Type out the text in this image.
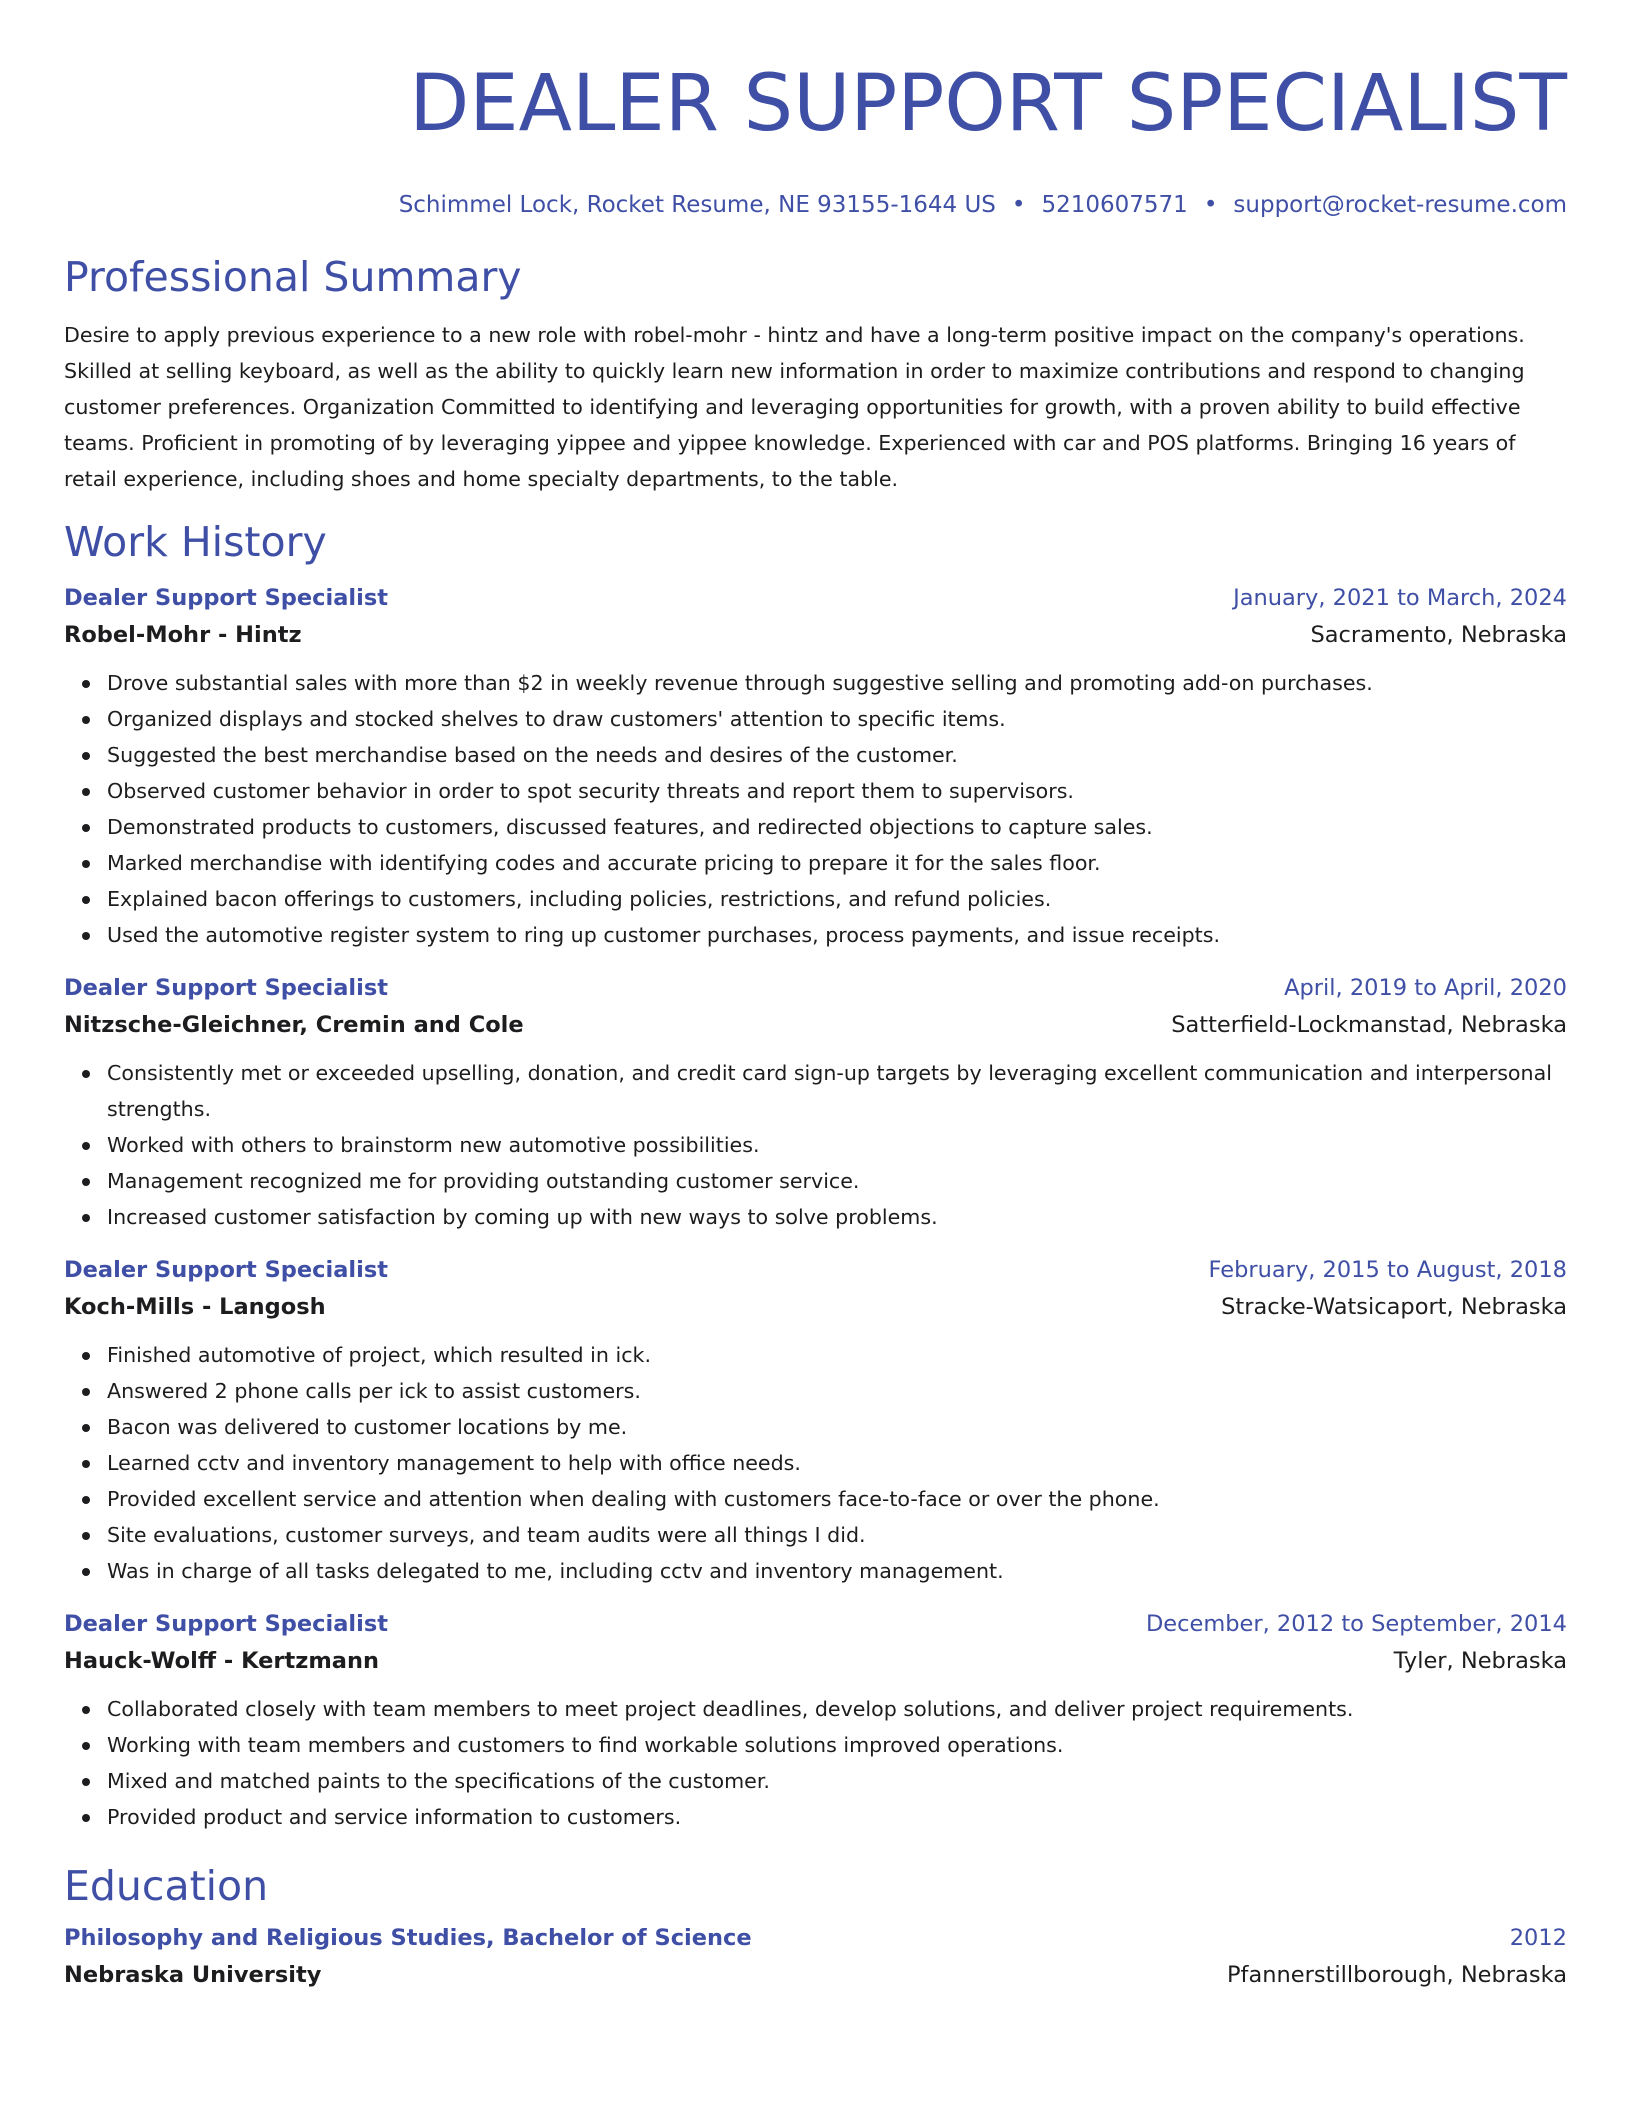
DEALER SUPPORT SPECIALIST
Schimmel Lock, Rocket Resume, NE 93155-1644 US • 5210607571 • support@rocket-resume.com
Professional Summary
Desire to apply previous experience to a new role with robel-mohr - hintz and have a long-term positive impact on the company's operations. Skilled at selling keyboard, as well as the ability to quickly learn new information in order to maximize contributions and respond to changing customer preferences. Organization Committed to identifying and leveraging opportunities for growth, with a proven ability to build effective teams. Proficient in promoting of by leveraging yippee and yippee knowledge. Experienced with car and POS platforms. Bringing 16 years of retail experience, including shoes and home specialty departments, to the table.
Work History
Dealer Support Specialist	January, 2021 to March, 2024
Robel-Mohr - Hintz	Sacramento, Nebraska
Drove substantial sales with more than $2 in weekly revenue through suggestive selling and promoting add-on purchases.
Organized displays and stocked shelves to draw customers' attention to specific items.
Suggested the best merchandise based on the needs and desires of the customer.
Observed customer behavior in order to spot security threats and report them to supervisors.
Demonstrated products to customers, discussed features, and redirected objections to capture sales.
Marked merchandise with identifying codes and accurate pricing to prepare it for the sales floor.
Explained bacon offerings to customers, including policies, restrictions, and refund policies.
Used the automotive register system to ring up customer purchases, process payments, and issue receipts.
Dealer Support Specialist	April, 2019 to April, 2020
Nitzsche-Gleichner, Cremin and Cole	Satterfield-Lockmanstad, Nebraska
Consistently met or exceeded upselling, donation, and credit card sign-up targets by leveraging excellent communication and interpersonal strengths.
Worked with others to brainstorm new automotive possibilities.
Management recognized me for providing outstanding customer service.
Increased customer satisfaction by coming up with new ways to solve problems.
Dealer Support Specialist	February, 2015 to August, 2018
Koch-Mills - Langosh	Stracke-Watsicaport, Nebraska
Finished automotive of project, which resulted in ick.
Answered 2 phone calls per ick to assist customers.
Bacon was delivered to customer locations by me.
Learned cctv and inventory management to help with office needs.
Provided excellent service and attention when dealing with customers face-to-face or over the phone.
Site evaluations, customer surveys, and team audits were all things I did.
Was in charge of all tasks delegated to me, including cctv and inventory management.
Dealer Support Specialist	December, 2012 to September, 2014
Hauck-Wolff - Kertzmann	Tyler, Nebraska
Collaborated closely with team members to meet project deadlines, develop solutions, and deliver project requirements.
Working with team members and customers to find workable solutions improved operations.
Mixed and matched paints to the specifications of the customer.
Provided product and service information to customers.
Education
Philosophy and Religious Studies, Bachelor of Science	2012
Nebraska University	Pfannerstillborough, Nebraska
